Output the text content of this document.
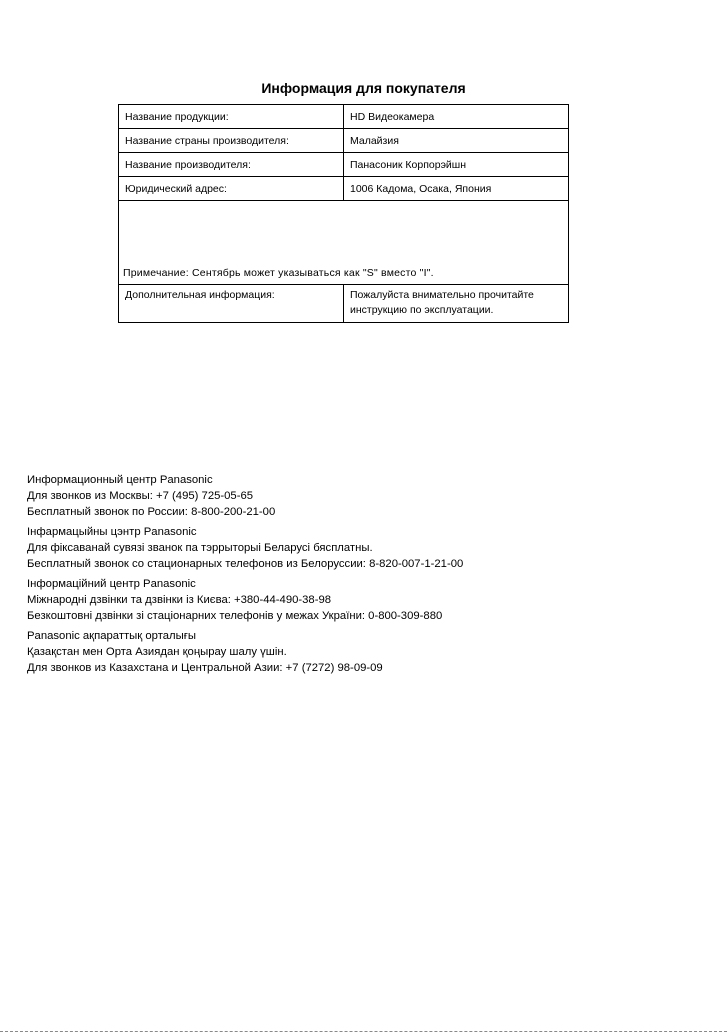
Информация для покупателя
Название продукции:	HD Видеокамера
Название страны производителя:	Малайзия
Название производителя:	Панасоник Корпорэйшн
Юридический адрес:	1006 Кадома, Осака, Япония
Примечание: Сентябрь может указываться как "S" вместо "I".	
Дополнительная информация:	Пожалуйста внимательно прочитайте инструкцию по эксплуатации.
Информационный центр Panasonic
Для звонков из Москвы: +7 (495) 725-05-65
Бесплатный звонок по России: 8-800-200-21-00
Інфармацыйны цэнтр Panasonic
Для фіксаванай сувязі званок па тэррыторыі Беларусі бясплатны.
Бесплатный звонок со стационарных телефонов из Белоруссии: 8-820-007-1-21-00
Інформаційний центр Panasonic
Міжнародні дзвінки та дзвінки із Києва: +380-44-490-38-98
Безкоштовні дзвінки зі стаціонарних телефонів у межах України: 0-800-309-880
Panasonic ақпараттық орталығы
Қазақстан мен Орта Азиядан қоңырау шалу үшін.
Для звонков из Казахстана и Центральной Азии: +7 (7272) 98-09-09
